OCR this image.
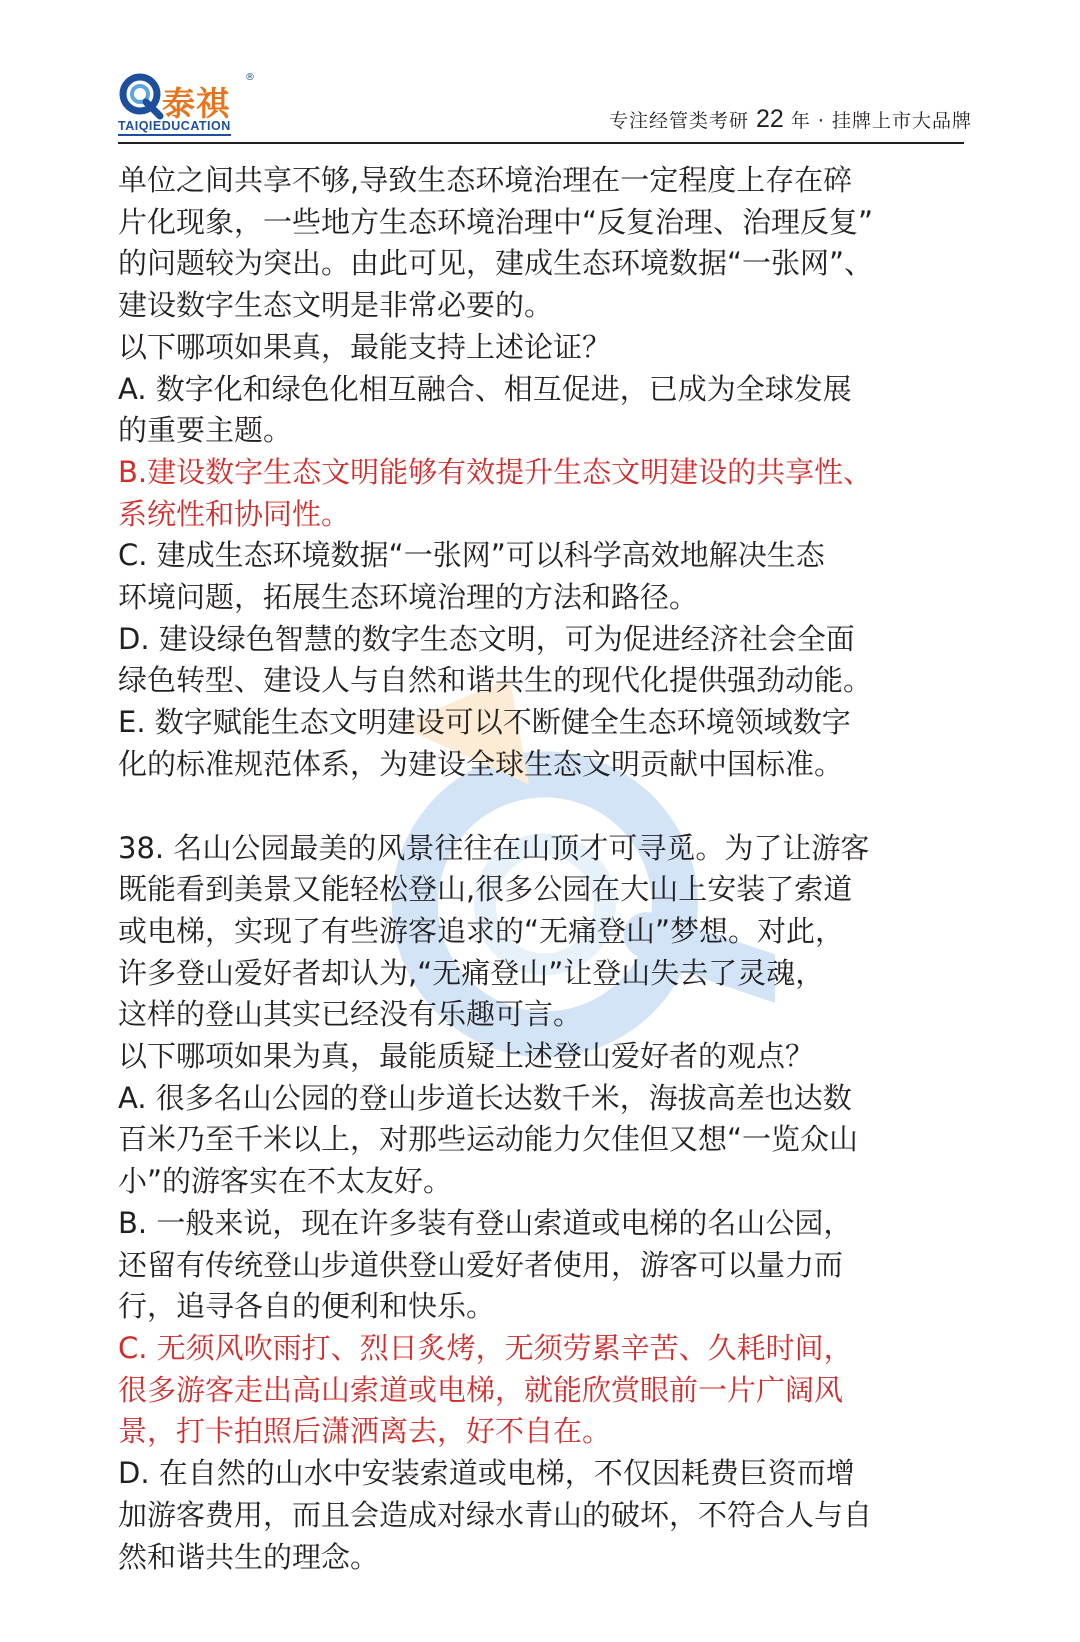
泰祺
®
TAIQIEDUCATION	专注经管类考研 22 年 · 挂牌上市大品牌

单位之间共享不够,导致生态环境治理在一定程度上存在碎

片化现象，一些地方生态环境治理中“反复治理、治理反复”

的问题较为突出。由此可见，建成生态环境数据“一张网”、

建设数字生态文明是非常必要的。

以下哪项如果真，最能支持上述论证？

A. 数字化和绿色化相互融合、相互促进，已成为全球发展

的重要主题。

B.建设数字生态文明能够有效提升生态文明建设的共享性、

系统性和协同性。

C. 建成生态环境数据“一张网”可以科学高效地解决生态

环境问题，拓展生态环境治理的方法和路径。

D. 建设绿色智慧的数字生态文明，可为促进经济社会全面

绿色转型、建设人与自然和谐共生的现代化提供强劲动能。

E. 数字赋能生态文明建设可以不断健全生态环境领域数字

化的标准规范体系，为建设全球生态文明贡献中国标准。

38. 名山公园最美的风景往往在山顶才可寻觅。为了让游客

既能看到美景又能轻松登山,很多公园在大山上安装了索道

或电梯，实现了有些游客追求的“无痛登山”梦想。对此，

许多登山爱好者却认为,“无痛登山”让登山失去了灵魂，

这样的登山其实已经没有乐趣可言。

以下哪项如果为真，最能质疑上述登山爱好者的观点？

A. 很多名山公园的登山步道长达数千米，海拔高差也达数

百米乃至千米以上，对那些运动能力欠佳但又想“一览众山

小”的游客实在不太友好。

B. 一般来说，现在许多装有登山索道或电梯的名山公园，

还留有传统登山步道供登山爱好者使用，游客可以量力而

行，追寻各自的便利和快乐。

C. 无须风吹雨打、烈日炙烤，无须劳累辛苦、久耗时间，

很多游客走出高山索道或电梯，就能欣赏眼前一片广阔风

景，打卡拍照后潇洒离去，好不自在。

D. 在自然的山水中安装索道或电梯，不仅因耗费巨资而增

加游客费用，而且会造成对绿水青山的破坏，不符合人与自

然和谐共生的理念。
